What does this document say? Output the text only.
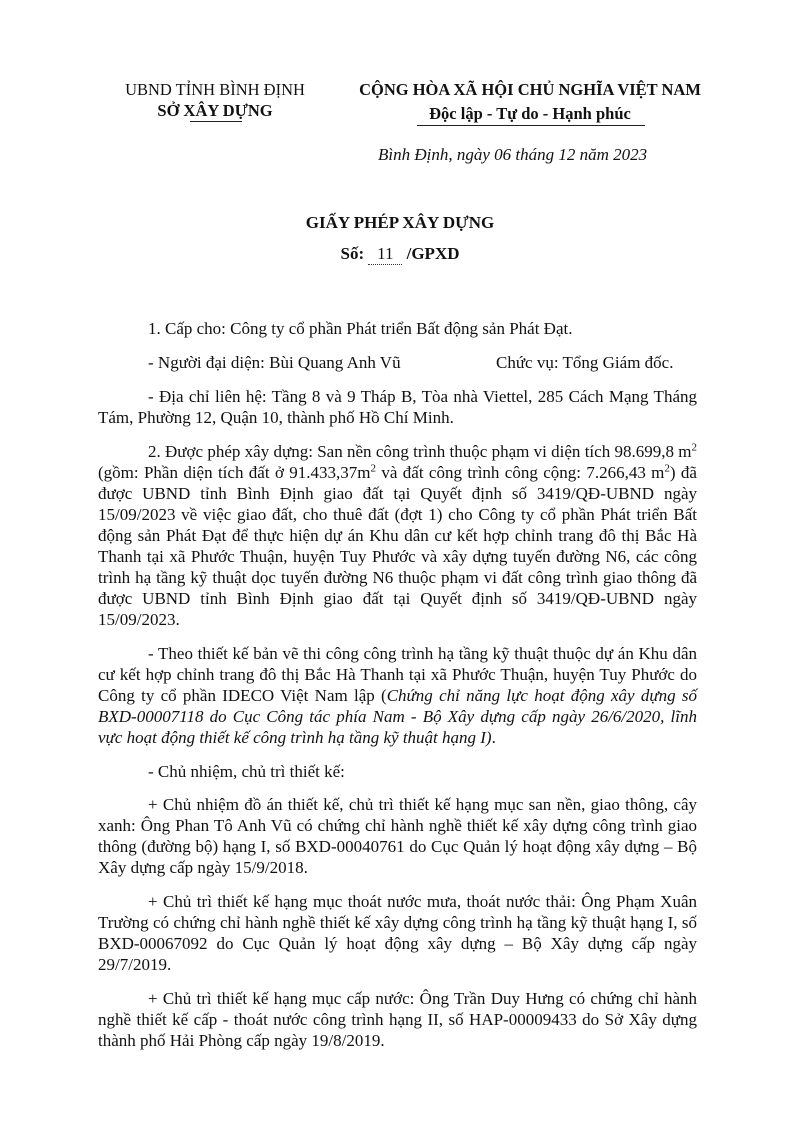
UBND TỈNH BÌNH ĐỊNH
SỞ XÂY DỰNG
CỘNG HÒA XÃ HỘI CHỦ NGHĨA VIỆT NAM
Độc lập - Tự do - Hạnh phúc
Bình Định, ngày 06 tháng 12 năm 2023
GIẤY PHÉP XÂY DỰNG
Số: 11 /GPXD

1. Cấp cho: Công ty cổ phần Phát triển Bất động sản Phát Đạt.

- Người đại diện: Bùi Quang Anh Vũ	Chức vụ: Tổng Giám đốc.

- Địa chỉ liên hệ: Tầng 8 và 9 Tháp B, Tòa nhà Viettel, 285 Cách Mạng Tháng Tám, Phường 12, Quận 10, thành phố Hồ Chí Minh.

2. Được phép xây dựng: San nền công trình thuộc phạm vi diện tích 98.699,8 $m^2$ (gồm: Phần diện tích đất ở $91.433,37m^2$ và đất công trình công cộng: 7.266,43 $m^2$) đã được UBND tỉnh Bình Định giao đất tại Quyết định số 3419/QĐ-UBND ngày 15/09/2023 về việc giao đất, cho thuê đất (đợt 1) cho Công ty cổ phần Phát triển Bất động sản Phát Đạt để thực hiện dự án Khu dân cư kết hợp chỉnh trang đô thị Bắc Hà Thanh tại xã Phước Thuận, huyện Tuy Phước và xây dựng tuyến đường N6, các công trình hạ tầng kỹ thuật dọc tuyến đường N6 thuộc phạm vi đất công trình giao thông đã được UBND tỉnh Bình Định giao đất tại Quyết định số 3419/QĐ-UBND ngày 15/09/2023.

- Theo thiết kế bản vẽ thi công công trình hạ tầng kỹ thuật thuộc dự án Khu dân cư kết hợp chỉnh trang đô thị Bắc Hà Thanh tại xã Phước Thuận, huyện Tuy Phước do Công ty cổ phần IDECO Việt Nam lập (Chứng chỉ năng lực hoạt động xây dựng số BXD-00007118 do Cục Công tác phía Nam - Bộ Xây dựng cấp ngày 26/6/2020, lĩnh vực hoạt động thiết kế công trình hạ tầng kỹ thuật hạng I).

- Chủ nhiệm, chủ trì thiết kế:

+ Chủ nhiệm đồ án thiết kế, chủ trì thiết kế hạng mục san nền, giao thông, cây xanh: Ông Phan Tô Anh Vũ có chứng chỉ hành nghề thiết kế xây dựng công trình giao thông (đường bộ) hạng I, số BXD-00040761 do Cục Quản lý hoạt động xây dựng – Bộ Xây dựng cấp ngày 15/9/2018.

+ Chủ trì thiết kế hạng mục thoát nước mưa, thoát nước thải: Ông Phạm Xuân Trường có chứng chỉ hành nghề thiết kế xây dựng công trình hạ tầng kỹ thuật hạng I, số BXD-00067092 do Cục Quản lý hoạt động xây dựng – Bộ Xây dựng cấp ngày 29/7/2019.

+ Chủ trì thiết kế hạng mục cấp nước: Ông Trần Duy Hưng có chứng chỉ hành nghề thiết kế cấp - thoát nước công trình hạng II, số HAP-00009433 do Sở Xây dựng thành phố Hải Phòng cấp ngày 19/8/2019.
